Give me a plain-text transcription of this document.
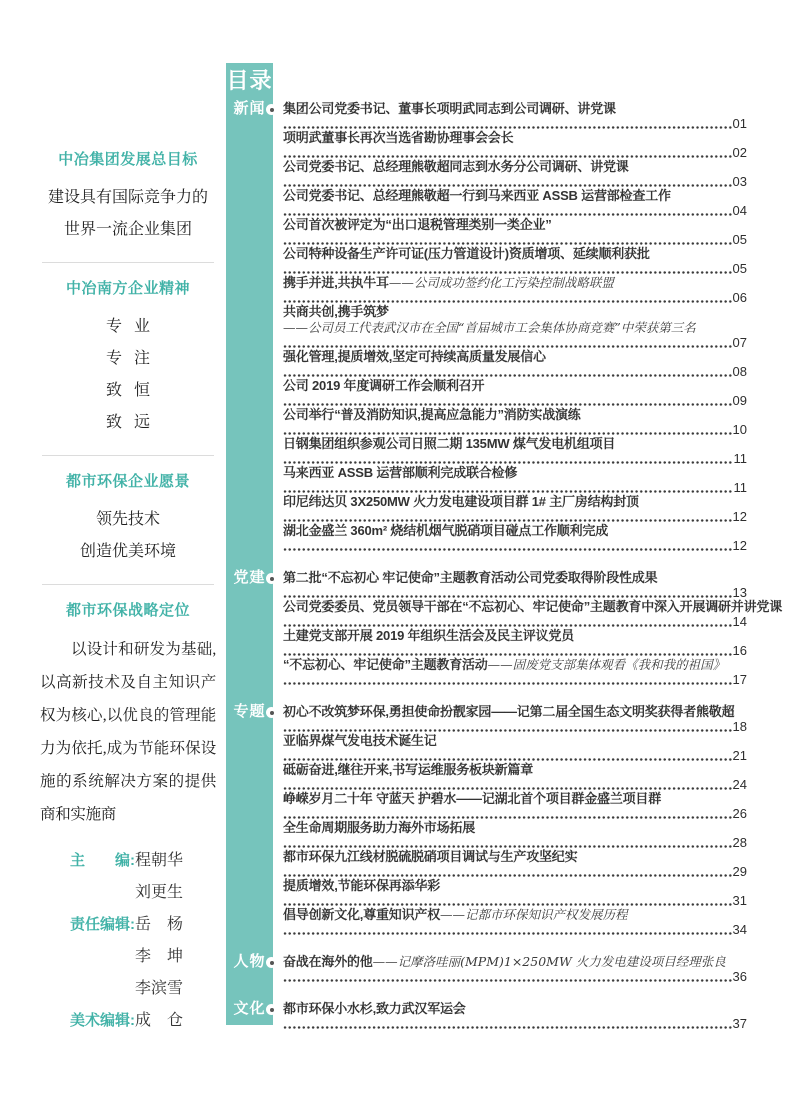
中冶集团发展总目标
建设具有国际竞争力的
世界一流企业集团
中冶南方企业精神
专业
专注
致恒
致远
都市环保企业愿景
领先技术
创造优美环境
都市环保战略定位
以设计和研发为基础,以高新技术及自主知识产权为核心,以优良的管理能力为依托,成为节能环保设施的系统解决方案的提供商和实施商
主　　编: 程朝华
刘更生
责任编辑: 岳　杨
李　坤
李滨雪
美术编辑: 成　仓
目录
新闻	集团公司党委书记、董事长项明武同志到公司调研、讲党课
01
项明武董事长再次当选省勘协理事会会长
02
公司党委书记、总经理熊敬超同志到水务分公司调研、讲党课
03
公司党委书记、总经理熊敬超一行到马来西亚 ASSB 运营部检查工作
04
公司首次被评定为“出口退税管理类别一类企业”
05
公司特种设备生产许可证(压力管道设计)资质增项、延续顺利获批
05
携手并进,共执牛耳——公司成功签约化工污染控制战略联盟
06
共商共创,携手筑梦
——公司员工代表武汉市在全国“首届城市工会集体协商竞赛”中荣获第三名
07
强化管理,提质增效,坚定可持续高质量发展信心
08
公司 2019 年度调研工作会顺利召开
09
公司举行“普及消防知识,提高应急能力”消防实战演练
10
日钢集团组织参观公司日照二期 135MW 煤气发电机组项目
11
马来西亚 ASSB 运营部顺利完成联合检修
11
印尼纬达贝 3X250MW 火力发电建设项目群 1# 主厂房结构封顶
12
湖北金盛兰 360m² 烧结机烟气脱硝项目碰点工作顺利完成
12
党建	第二批“不忘初心 牢记使命”主题教育活动公司党委取得阶段性成果
13
公司党委委员、党员领导干部在“不忘初心、牢记使命”主题教育中深入开展调研并讲党课
14
土建党支部开展 2019 年组织生活会及民主评议党员
16
“不忘初心、牢记使命”主题教育活动——固废党支部集体观看《我和我的祖国》
17
专题	初心不改筑梦环保,勇担使命扮靓家园——记第二届全国生态文明奖获得者熊敬超
18
亚临界煤气发电技术诞生记
21
砥砺奋进,继往开来,书写运维服务板块新篇章
24
峥嵘岁月二十年 守蓝天 护碧水——记湖北首个项目群金盛兰项目群
26
全生命周期服务助力海外市场拓展
28
都市环保九江线材脱硫脱硝项目调试与生产攻坚纪实
29
提质增效,节能环保再添华彩
31
倡导创新文化,尊重知识产权——记都市环保知识产权发展历程
34
人物	奋战在海外的他——记摩洛哇丽(MPM)1×250MW 火力发电建设项目经理张良
36
文化	都市环保小水杉,致力武汉军运会
37
